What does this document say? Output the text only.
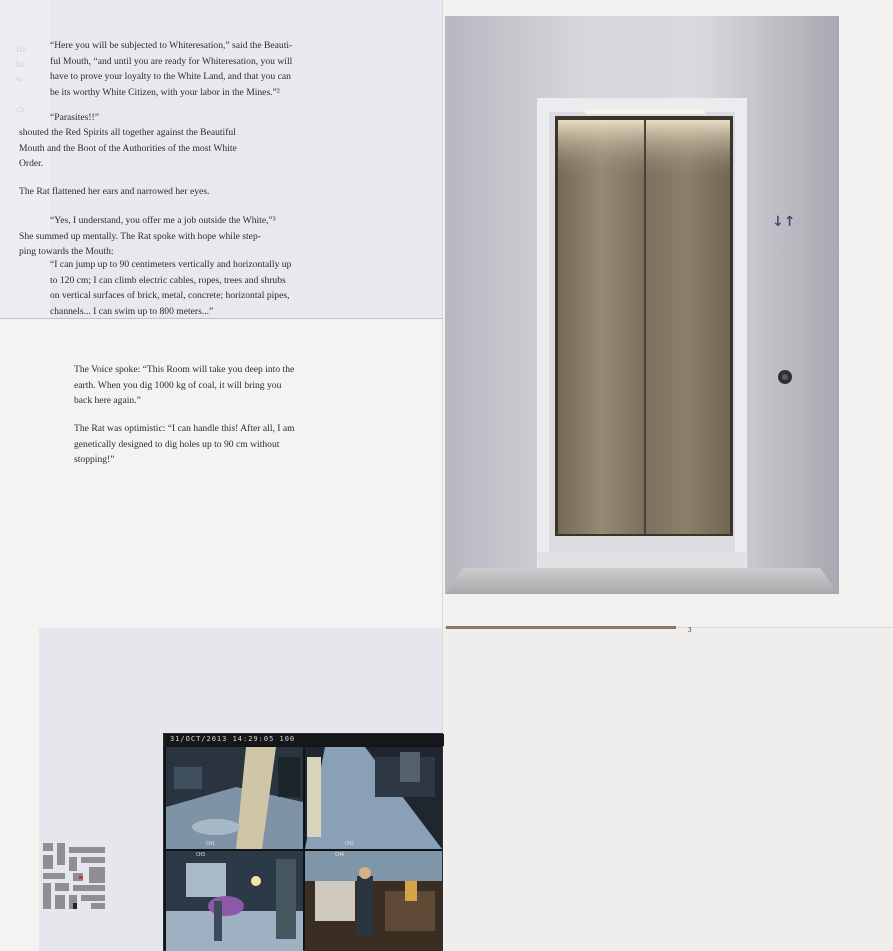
Ha
ha
w

ch

“Here you will be subjected to Whiteresation,” said the Beauti-

ful Mouth, “and until you are ready for Whiteresation, you will

have to prove your loyalty to the White Land, and that you can

be its worthy White Citizen, with your labor in the Mines.”²

“Parasites!!”

shouted the Red Spirits all together against the Beautiful

Mouth and the Boot of the Authorities of the most White

Order.

The Rat flattened her ears and narrowed her eyes.

“Yes, I understand, you offer me a job outside the White,”³

She summed up mentally. The Rat spoke with hope while step-

ping towards the Mouth:

“I can jump up to 90 centimeters vertically and horizontally up

to 120 cm; I can climb electric cables, ropes, trees and shrubs

on vertical surfaces of brick, metal, concrete; horizontal pipes,

channels... I can swim up to 800 meters...”

The Voice spoke: “This Room will take you deep into the

earth. When you dig 1000 kg of coal, it will bring you

back here again.”

The Rat was optimistic: “I can handle this! After all, I am

genetically designed to dig holes up to 90 cm without

stopping!”

31/OCT/2013 14:29:05 100
CH1	CH2
CH3	CH4

↓↑
3
